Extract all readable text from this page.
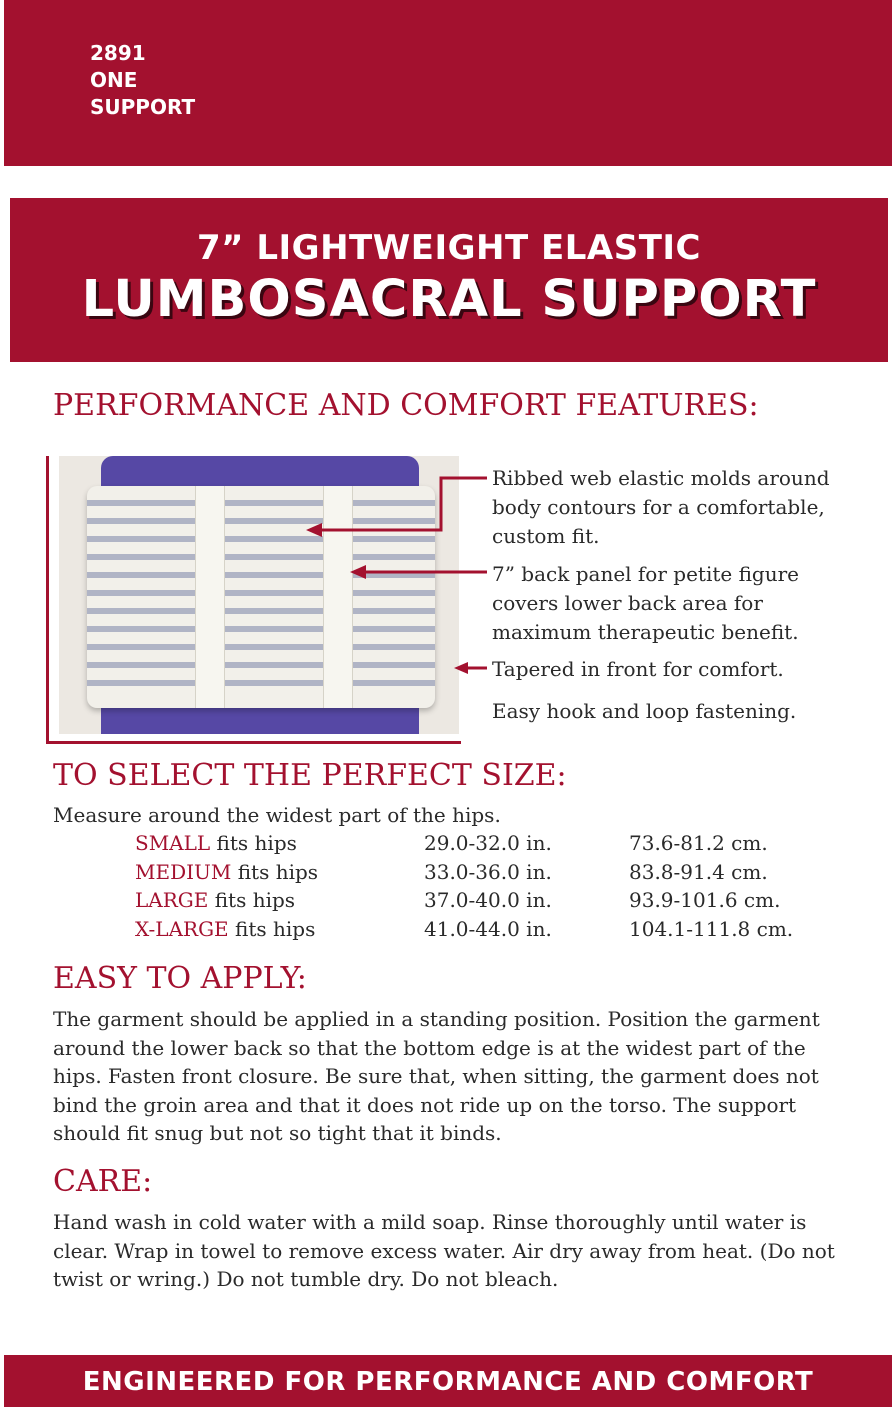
2891
ONE
SUPPORT
7” LIGHTWEIGHT ELASTIC
LUMBOSACRAL SUPPORT
PERFORMANCE AND COMFORT FEATURES:
Ribbed web elastic molds around body contours for a comfortable, custom fit.
7” back panel for petite figure covers lower back area for maximum therapeutic benefit.
Tapered in front for comfort.
Easy hook and loop fastening.
TO SELECT THE PERFECT SIZE:
Measure around the widest part of the hips.
SMALL fits hips	29.0-32.0 in.	73.6-81.2 cm.
MEDIUM fits hips	33.0-36.0 in.	83.8-91.4 cm.
LARGE fits hips	37.0-40.0 in.	93.9-101.6 cm.
X-LARGE fits hips	41.0-44.0 in.	104.1-111.8 cm.
EASY TO APPLY:
The garment should be applied in a standing position. Position the garment around the lower back so that the bottom edge is at the widest part of the hips. Fasten front closure. Be sure that, when sitting, the garment does not bind the groin area and that it does not ride up on the torso. The support should fit snug but not so tight that it binds.
CARE:
Hand wash in cold water with a mild soap. Rinse thoroughly until water is clear. Wrap in towel to remove excess water. Air dry away from heat. (Do not twist or wring.) Do not tumble dry. Do not bleach.
ENGINEERED FOR PERFORMANCE AND COMFORT
